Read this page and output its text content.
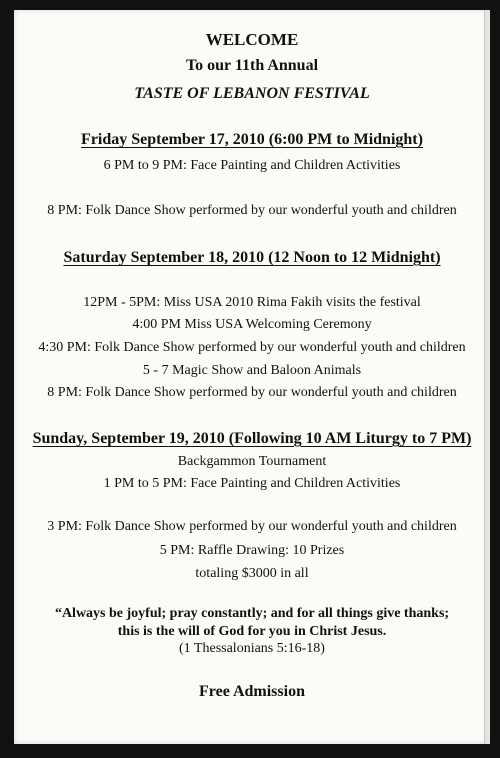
WELCOME
To our 11th Annual
TASTE OF LEBANON FESTIVAL
Friday September 17, 2010 (6:00 PM to Midnight)
6 PM to 9 PM: Face Painting and Children Activities
8 PM: Folk Dance Show performed by our wonderful youth and children
Saturday September 18, 2010 (12 Noon to 12 Midnight)
12PM - 5PM: Miss USA 2010 Rima Fakih visits the festival
4:00 PM Miss USA Welcoming Ceremony
4:30 PM: Folk Dance Show performed by our wonderful youth and children
5 - 7 Magic Show and Baloon Animals
8 PM: Folk Dance Show performed by our wonderful youth and children
Sunday, September 19, 2010 (Following 10 AM Liturgy to 7 PM)
Backgammon Tournament
1 PM to 5 PM: Face Painting and Children Activities
3 PM: Folk Dance Show performed by our wonderful youth and children
5 PM: Raffle Drawing: 10 Prizes
totaling $3000 in all
“Always be joyful; pray constantly; and for all things give thanks;
this is the will of God for you in Christ Jesus.
(1 Thessalonians 5:16-18)
Free Admission
